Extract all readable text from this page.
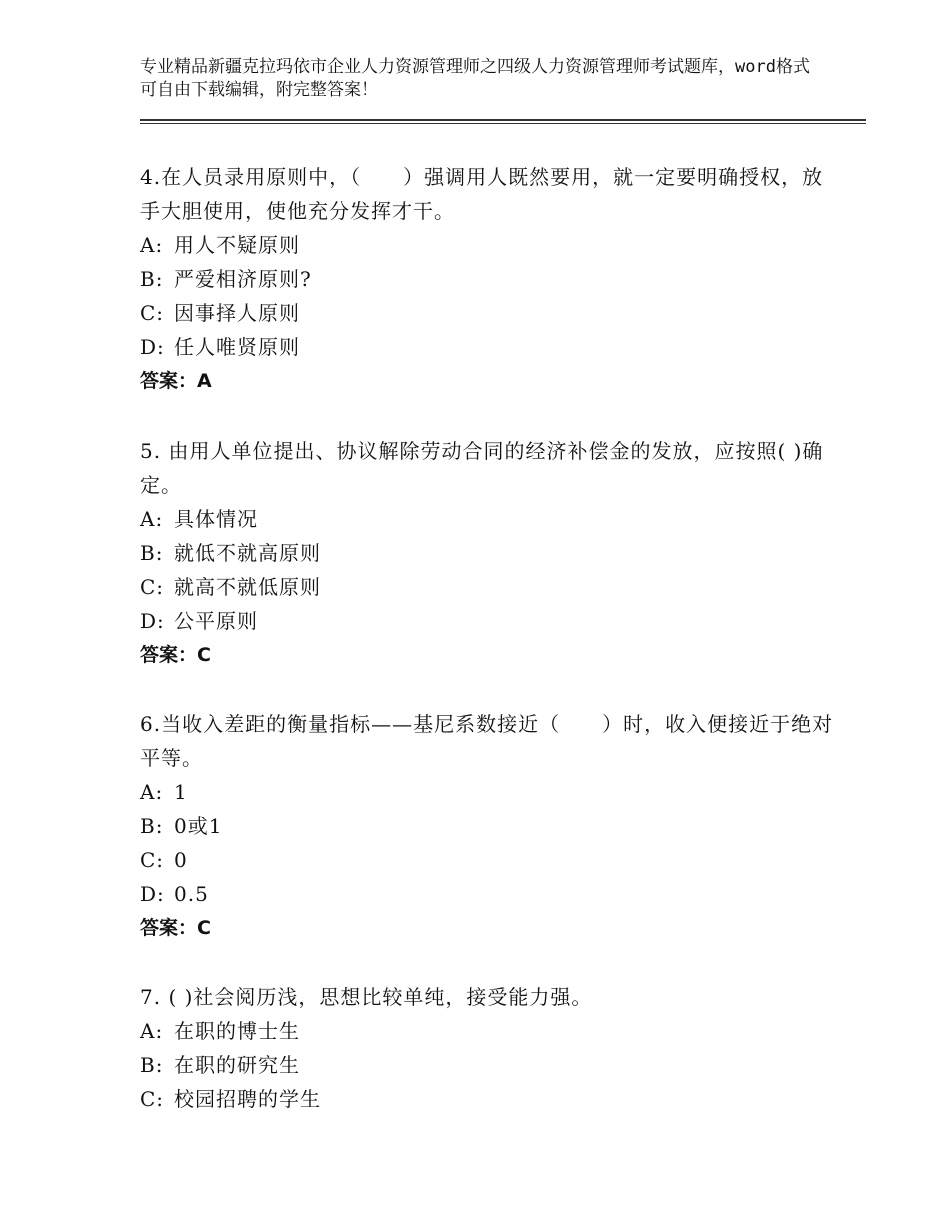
专业精品新疆克拉玛依市企业人力资源管理师之四级人力资源管理师考试题库，word格式可自由下载编辑，附完整答案！

4.在人员录用原则中，（　　）强调用人既然要用，就一定要明确授权，放手大胆使用，使他充分发挥才干。

A: 用人不疑原则

B: 严爱相济原则?

C: 因事择人原则

D: 任人唯贤原则

答案：A

5. 由用人单位提出、协议解除劳动合同的经济补偿金的发放，应按照( )确定。

A: 具体情况

B: 就低不就高原则

C: 就高不就低原则

D: 公平原则

答案：C

6.当收入差距的衡量指标——基尼系数接近（　　）时，收入便接近于绝对平等。

A: 1

B: 0或1

C: 0

D: 0.5

答案：C

7. ( )社会阅历浅，思想比较单纯，接受能力强。

A: 在职的博士生

B: 在职的研究生

C: 校园招聘的学生
